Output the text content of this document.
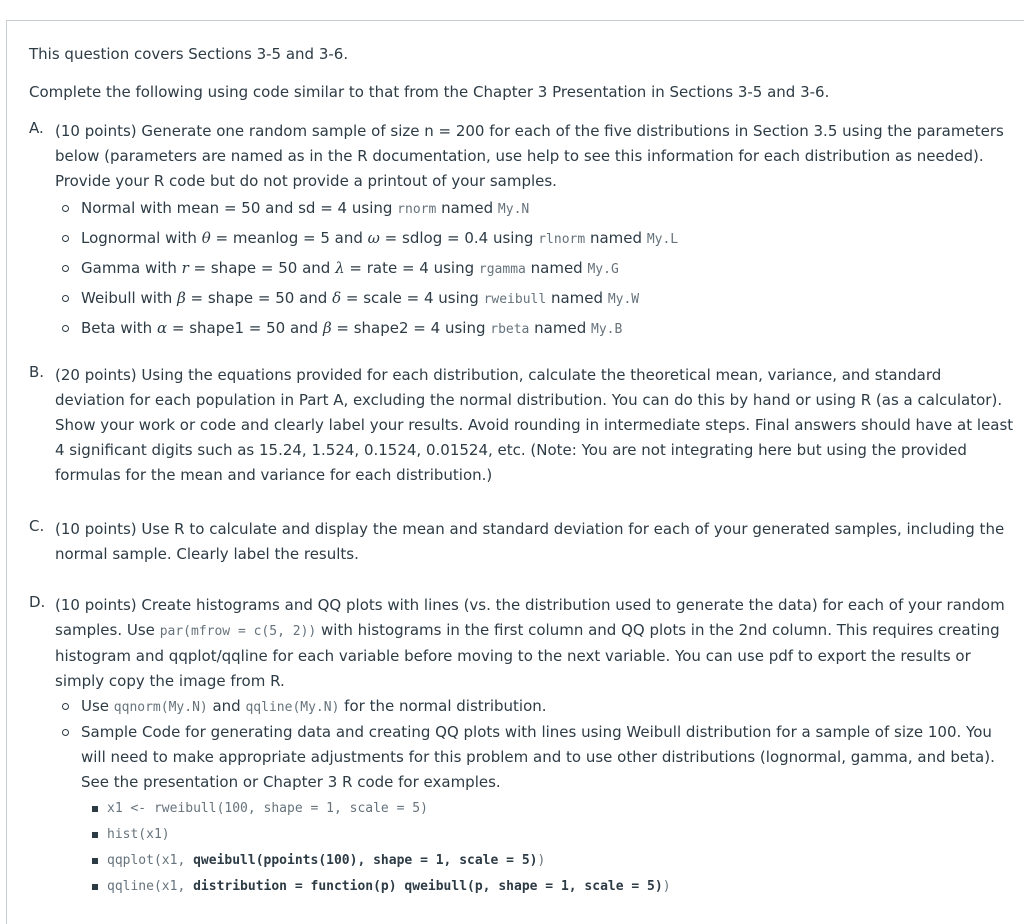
This question covers Sections 3-5 and 3-6.

Complete the following using code similar to that from the Chapter 3 Presentation in Sections 3-5 and 3-6.

A. (10 points) Generate one random sample of size n = 200 for each of the five distributions in Section 3.5 using the parameters below (parameters are named as in the R documentation, use help to see this information for each distribution as needed). Provide your R code but do not provide a printout of your samples.

Normal with mean = 50 and sd = 4 using rnorm named My.N
Lognormal with θ = meanlog = 5 and ω = sdlog = 0.4 using rlnorm named My.L
Gamma with r = shape = 50 and λ = rate = 4 using rgamma named My.G
Weibull with β = shape = 50 and δ = scale = 4 using rweibull named My.W
Beta with α = shape1 = 50 and β = shape2 = 4 using rbeta named My.B
B. (20 points) Using the equations provided for each distribution, calculate the theoretical mean, variance, and standard deviation for each population in Part A, excluding the normal distribution. You can do this by hand or using R (as a calculator). Show your work or code and clearly label your results. Avoid rounding in intermediate steps. Final answers should have at least 4 significant digits such as 15.24, 1.524, 0.1524, 0.01524, etc. (Note: You are not integrating here but using the provided formulas for the mean and variance for each distribution.)

C. (10 points) Use R to calculate and display the mean and standard deviation for each of your generated samples, including the normal sample. Clearly label the results.

D. (10 points) Create histograms and QQ plots with lines (vs. the distribution used to generate the data) for each of your random samples. Use par(mfrow = c(5, 2)) with histograms in the first column and QQ plots in the 2nd column. This requires creating histogram and qqplot/qqline for each variable before moving to the next variable. You can use pdf to export the results or simply copy the image from R.

Use qqnorm(My.N) and qqline(My.N) for the normal distribution.
Sample Code for generating data and creating QQ plots with lines using Weibull distribution for a sample of size 100. You will need to make appropriate adjustments for this problem and to use other distributions (lognormal, gamma, and beta). See the presentation or Chapter 3 R code for examples.
x1 <- rweibull(100, shape = 1, scale = 5)
hist(x1)
qqplot(x1, qweibull(ppoints(100), shape = 1, scale = 5))
qqline(x1, distribution = function(p) qweibull(p, shape = 1, scale = 5))
